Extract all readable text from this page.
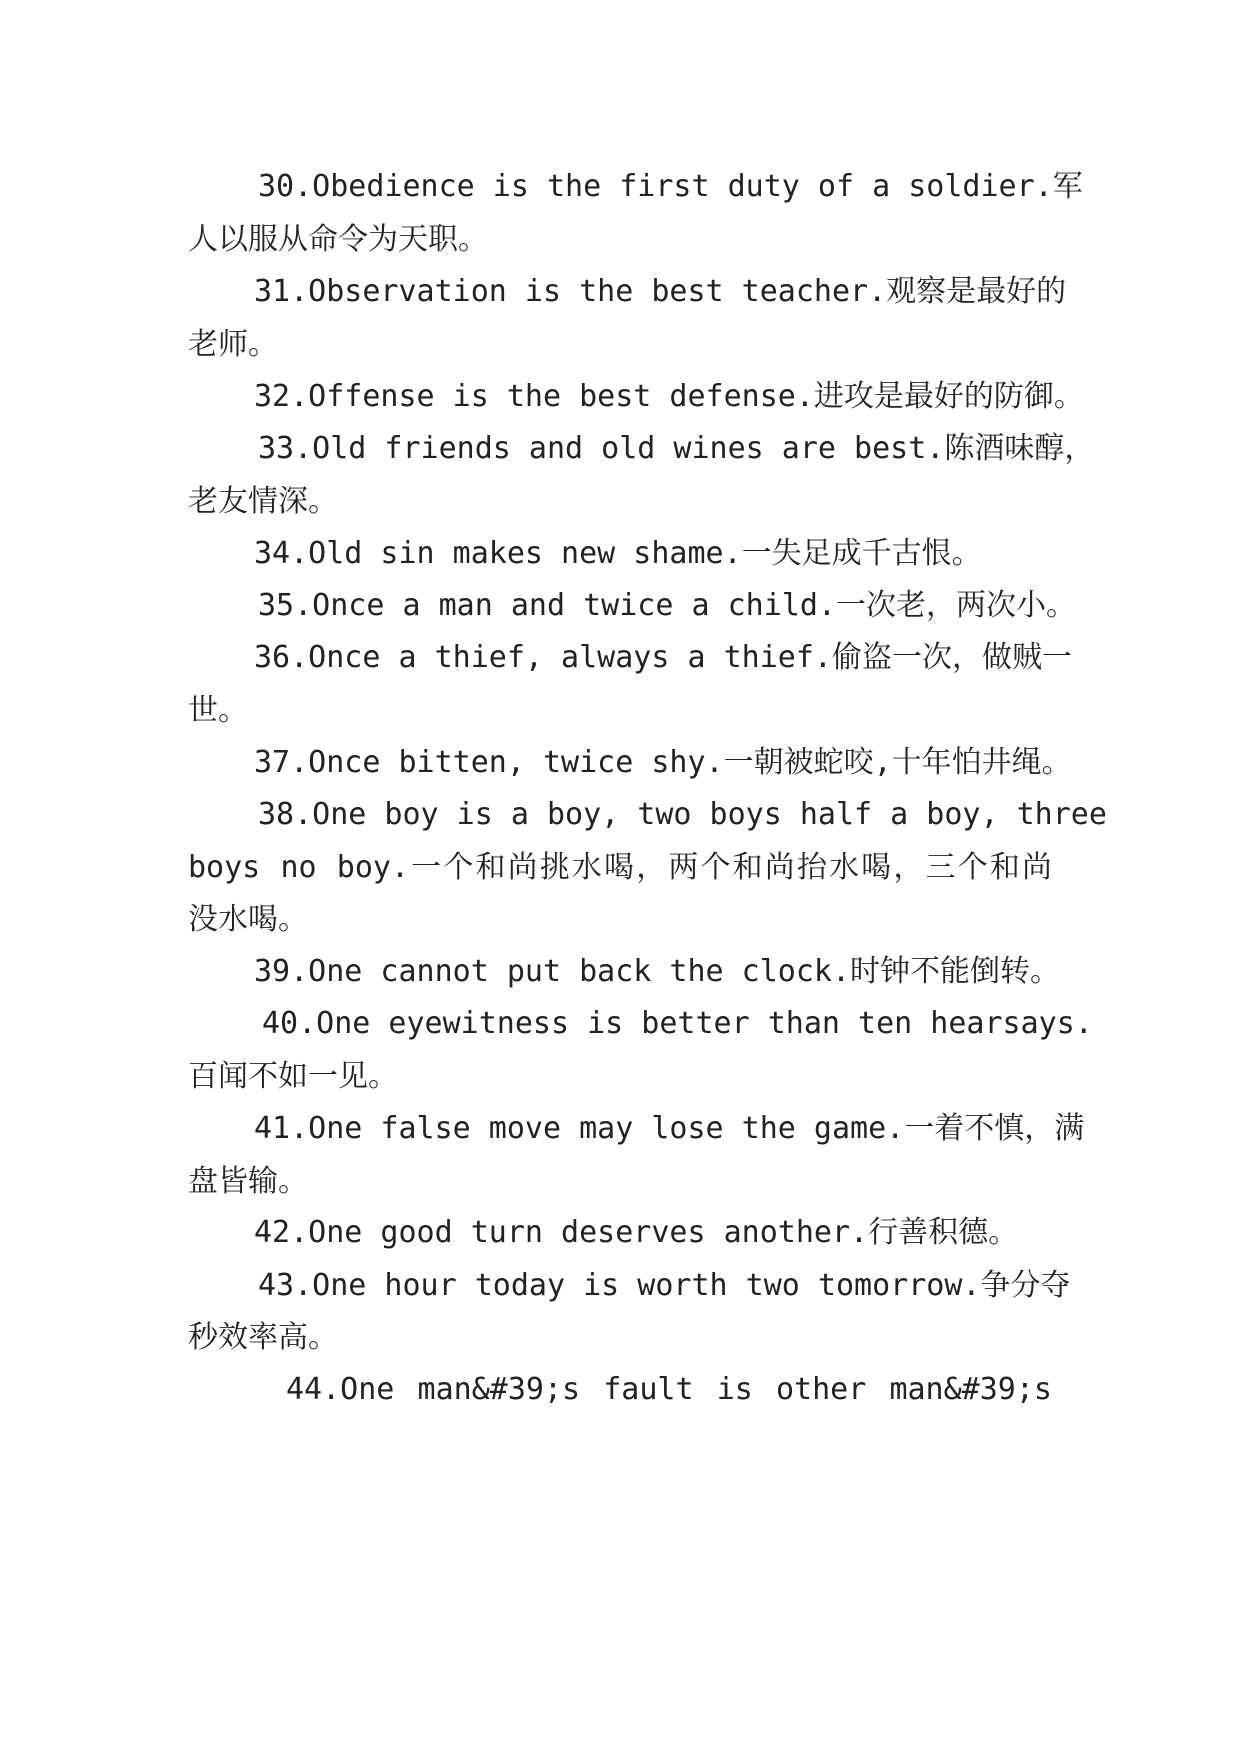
30.Obedience is the first duty of a soldier.军
人以服从命令为天职。
31.Observation is the best teacher.观察是最好的
老师。
32.Offense is the best defense.进攻是最好的防御。
33.Old friends and old wines are best.陈酒味醇，
老友情深。
34.Old sin makes new shame.一失足成千古恨。
35.Once a man and twice a child.一次老，两次小。
36.Once a thief, always a thief.偷盗一次，做贼一
世。
37.Once bitten, twice shy.一朝被蛇咬,十年怕井绳。
38.One boy is a boy, two boys half a boy, three
boys no boy.一个和尚挑水喝，两个和尚抬水喝，三个和尚
没水喝。
39.One cannot put back the clock.时钟不能倒转。
40.One eyewitness is better than ten hearsays.
百闻不如一见。
41.One false move may lose the game.一着不慎，满
盘皆输。
42.One good turn deserves another.行善积德。
43.One hour today is worth two tomorrow.争分夺
秒效率高。
44.One man&#39;s fault is other man&#39;s
